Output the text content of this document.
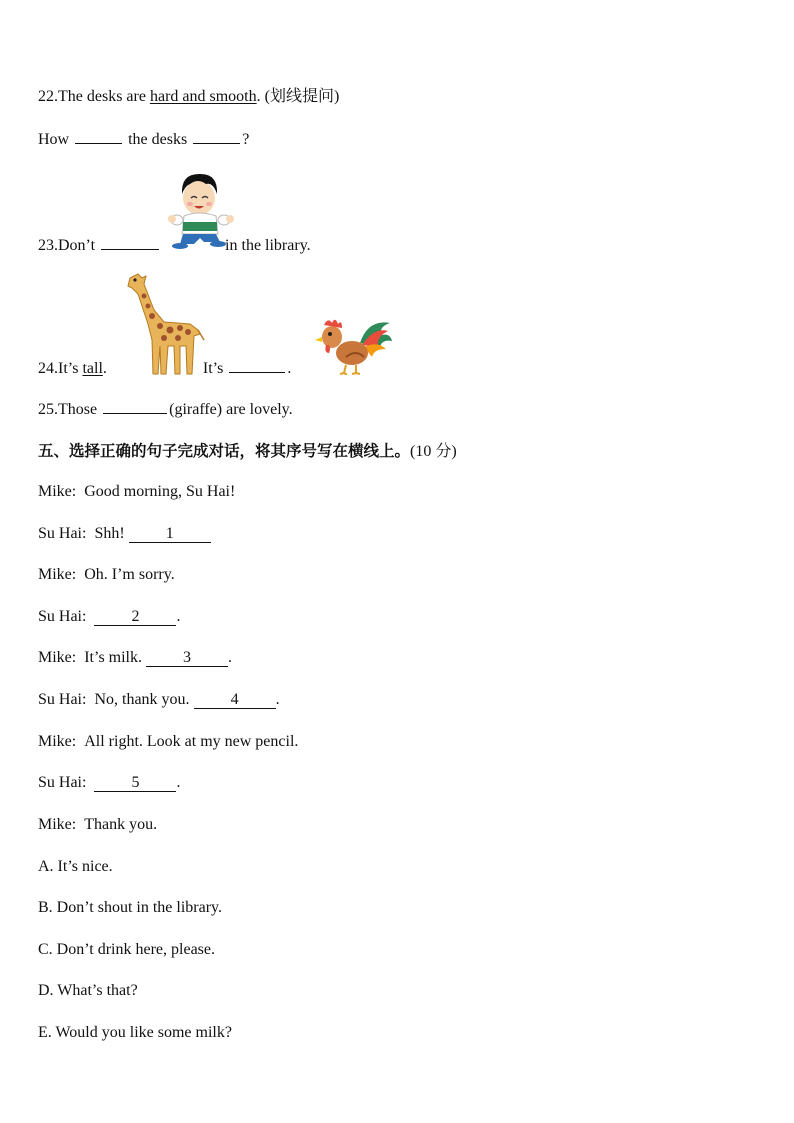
22.The desks are hard and smooth. (划线提问)
How	the desks	?
23.Don’t	in the library.
24.It’s tall.	It’s	.
25.Those	(giraffe) are lovely.
五、选择正确的句子完成对话，将其序号写在横线上。(10 分)
Mike: Good morning, Su Hai!
Su Hai: Shh! 1
Mike: Oh. I’m sorry.
Su Hai:	2 .
Mike: It’s milk. 3 .
Su Hai: No, thank you. 4 .
Mike: All right. Look at my new pencil.
Su Hai:	5 .
Mike: Thank you.
A. It’s nice.
B. Don’t shout in the library.
C. Don’t drink here, please.
D. What’s that?
E. Would you like some milk?
